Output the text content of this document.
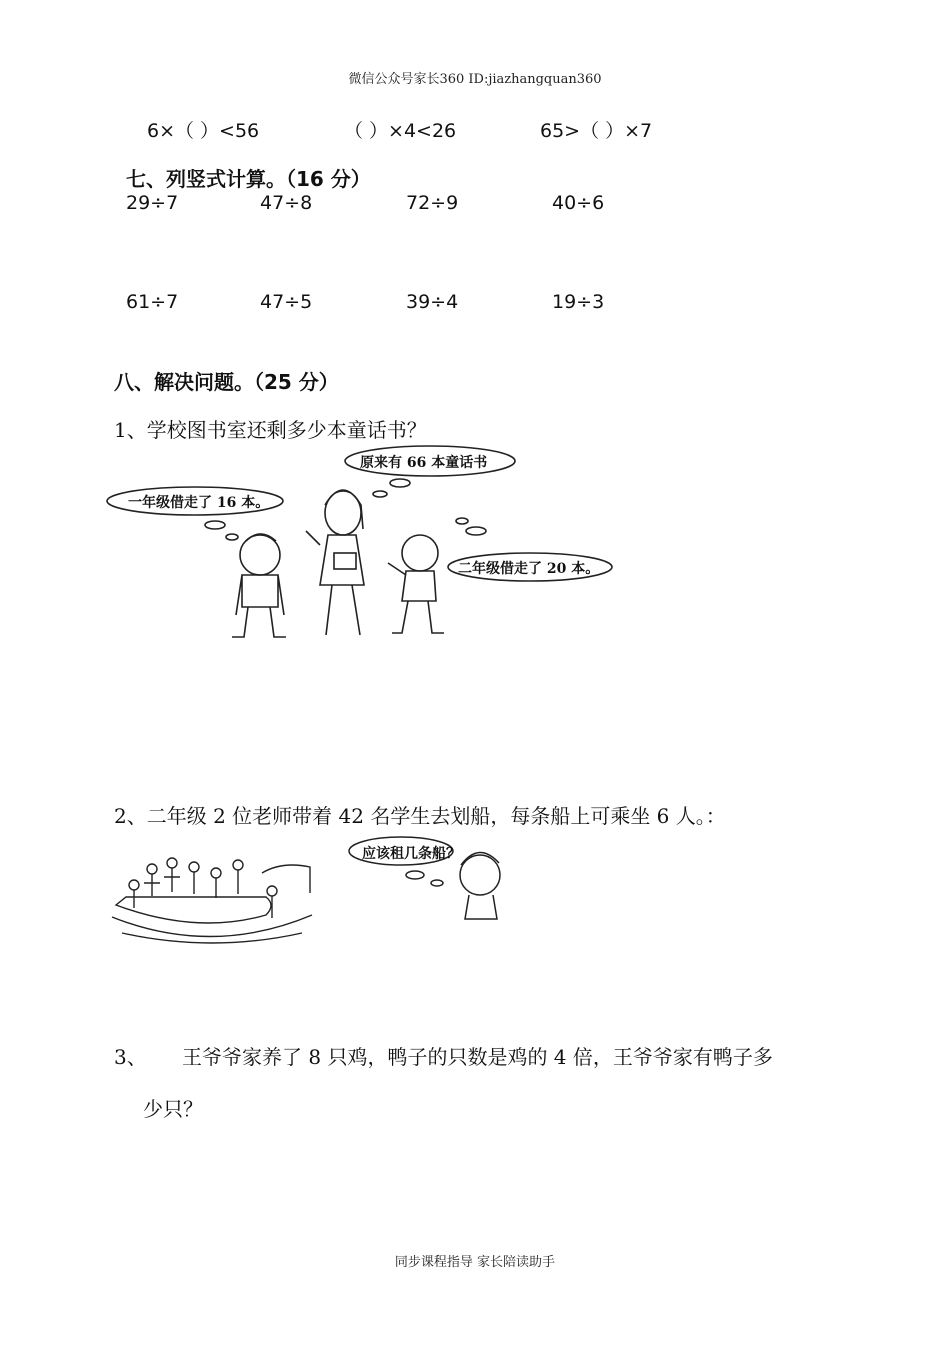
微信公众号家长360 ID:jiazhangquan360
6×（ ）<56	（ ）×4<26	65>（ ）×7
七、列竖式计算。（16 分）
29÷7	47÷8	72÷9	40÷6
61÷7	47÷5	39÷4	19÷3
八、解决问题。（25 分）
1、学校图书室还剩多少本童话书？
原来有 66 本童话书
一年级借走了 16 本。
二年级借走了 20 本。
2、二年级 2 位老师带着 42 名学生去划船，每条船上可乘坐 6 人。：
应该租几条船？
3、 王爷爷家养了 8 只鸡，鸭子的只数是鸡的 4 倍，王爷爷家有鸭子多
少只？
同步课程指导 家长陪读助手
